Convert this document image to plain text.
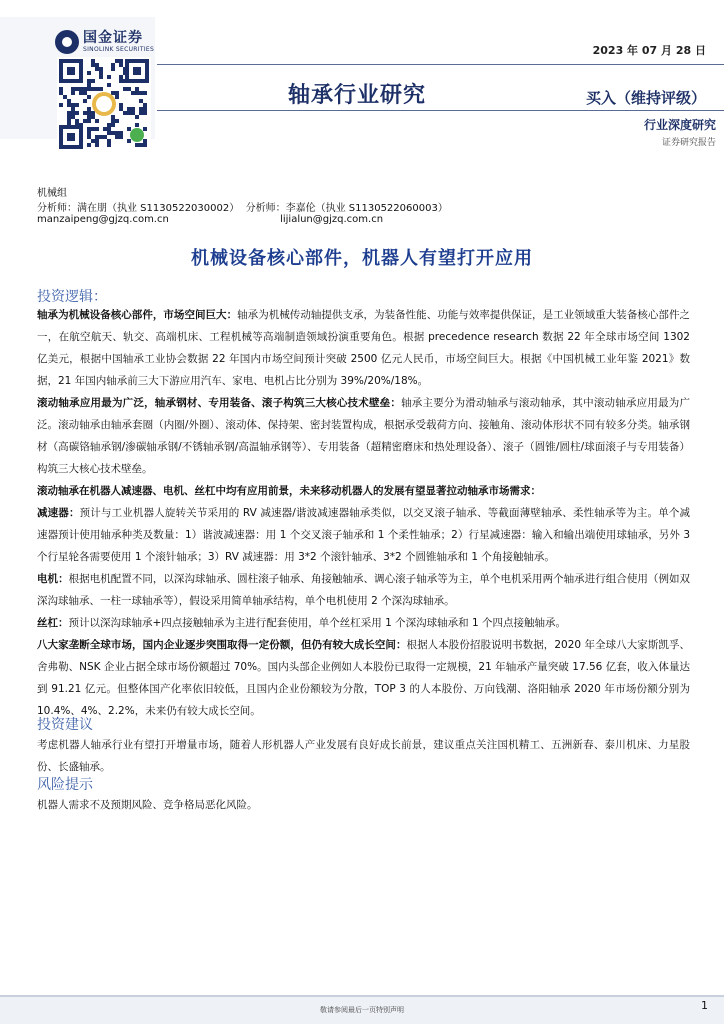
国金证券
SINOLINK SECURITIES	2023 年 07 月 28 日
轴承行业研究	买入（维持评级）
行业深度研究
证券研究报告
机械组
分析师：满在朋（执业 S1130522030002）  分析师：李嘉伦（执业 S1130522060003）
manzaipeng@gjzq.com.cn                                   lijialun@gjzq.com.cn
机械设备核心部件，机器人有望打开应用
投资逻辑：

轴承为机械设备核心部件，市场空间巨大：轴承为机械传动轴提供支承，为装备性能、功能与效率提供保证，是工业领域重大装备核心部件之一，在航空航天、轨交、高端机床、工程机械等高端制造领域扮演重要角色。根据 precedence research 数据 22 年全球市场空间 1302 亿美元，根据中国轴承工业协会数据 22 年国内市场空间预计突破 2500 亿元人民币，市场空间巨大。根据《中国机械工业年鉴 2021》数据，21 年国内轴承前三大下游应用汽车、家电、电机占比分别为 39%/20%/18%。

滚动轴承应用最为广泛，轴承钢材、专用装备、滚子构筑三大核心技术壁垒：轴承主要分为滑动轴承与滚动轴承，其中滚动轴承应用最为广泛。滚动轴承由轴承套圈（内圈/外圈）、滚动体、保持架、密封装置构成，根据承受载荷方向、接触角、滚动体形状不同有较多分类。轴承钢材（高碳铬轴承钢/渗碳轴承钢/不锈轴承钢/高温轴承钢等）、专用装备（超精密磨床和热处理设备）、滚子（圆锥/圆柱/球面滚子与专用装备）构筑三大核心技术壁垒。

滚动轴承在机器人减速器、电机、丝杠中均有应用前景，未来移动机器人的发展有望显著拉动轴承市场需求：

减速器：预计与工业机器人旋转关节采用的 RV 减速器/谐波减速器轴承类似，以交叉滚子轴承、等截面薄壁轴承、柔性轴承等为主。单个减速器预计使用轴承种类及数量：1）谐波减速器：用 1 个交叉滚子轴承和 1 个柔性轴承；2）行星减速器：输入和输出端使用球轴承，另外 3 个行星轮各需要使用 1 个滚针轴承；3）RV 减速器：用 3*2 个滚针轴承、3*2 个圆锥轴承和 1 个角接触轴承。

电机：根据电机配置不同，以深沟球轴承、圆柱滚子轴承、角接触轴承、调心滚子轴承等为主，单个电机采用两个轴承进行组合使用（例如双深沟球轴承、一柱一球轴承等），假设采用简单轴承结构，单个电机使用 2 个深沟球轴承。

丝杠：预计以深沟球轴承+四点接触轴承为主进行配套使用，单个丝杠采用 1 个深沟球轴承和 1 个四点接触轴承。

八大家垄断全球市场，国内企业逐步突围取得一定份额，但仍有较大成长空间：根据人本股份招股说明书数据，2020 年全球八大家斯凯孚、舍弗勒、NSK 企业占据全球市场份额超过 70%。国内头部企业例如人本股份已取得一定规模，21 年轴承产量突破 17.56 亿套，收入体量达到 91.21 亿元。但整体国产化率依旧较低，且国内企业份额较为分散，TOP 3 的人本股份、万向钱潮、洛阳轴承 2020 年市场份额分别为 10.4%、4%、2.2%，未来仍有较大成长空间。

投资建议

考虑机器人轴承行业有望打开增量市场，随着人形机器人产业发展有良好成长前景，建议重点关注国机精工、五洲新春、泰川机床、力星股份、长盛轴承。

风险提示

机器人需求不及预期风险、竞争格局恶化风险。

敬请参阅最后一页特别声明	1
